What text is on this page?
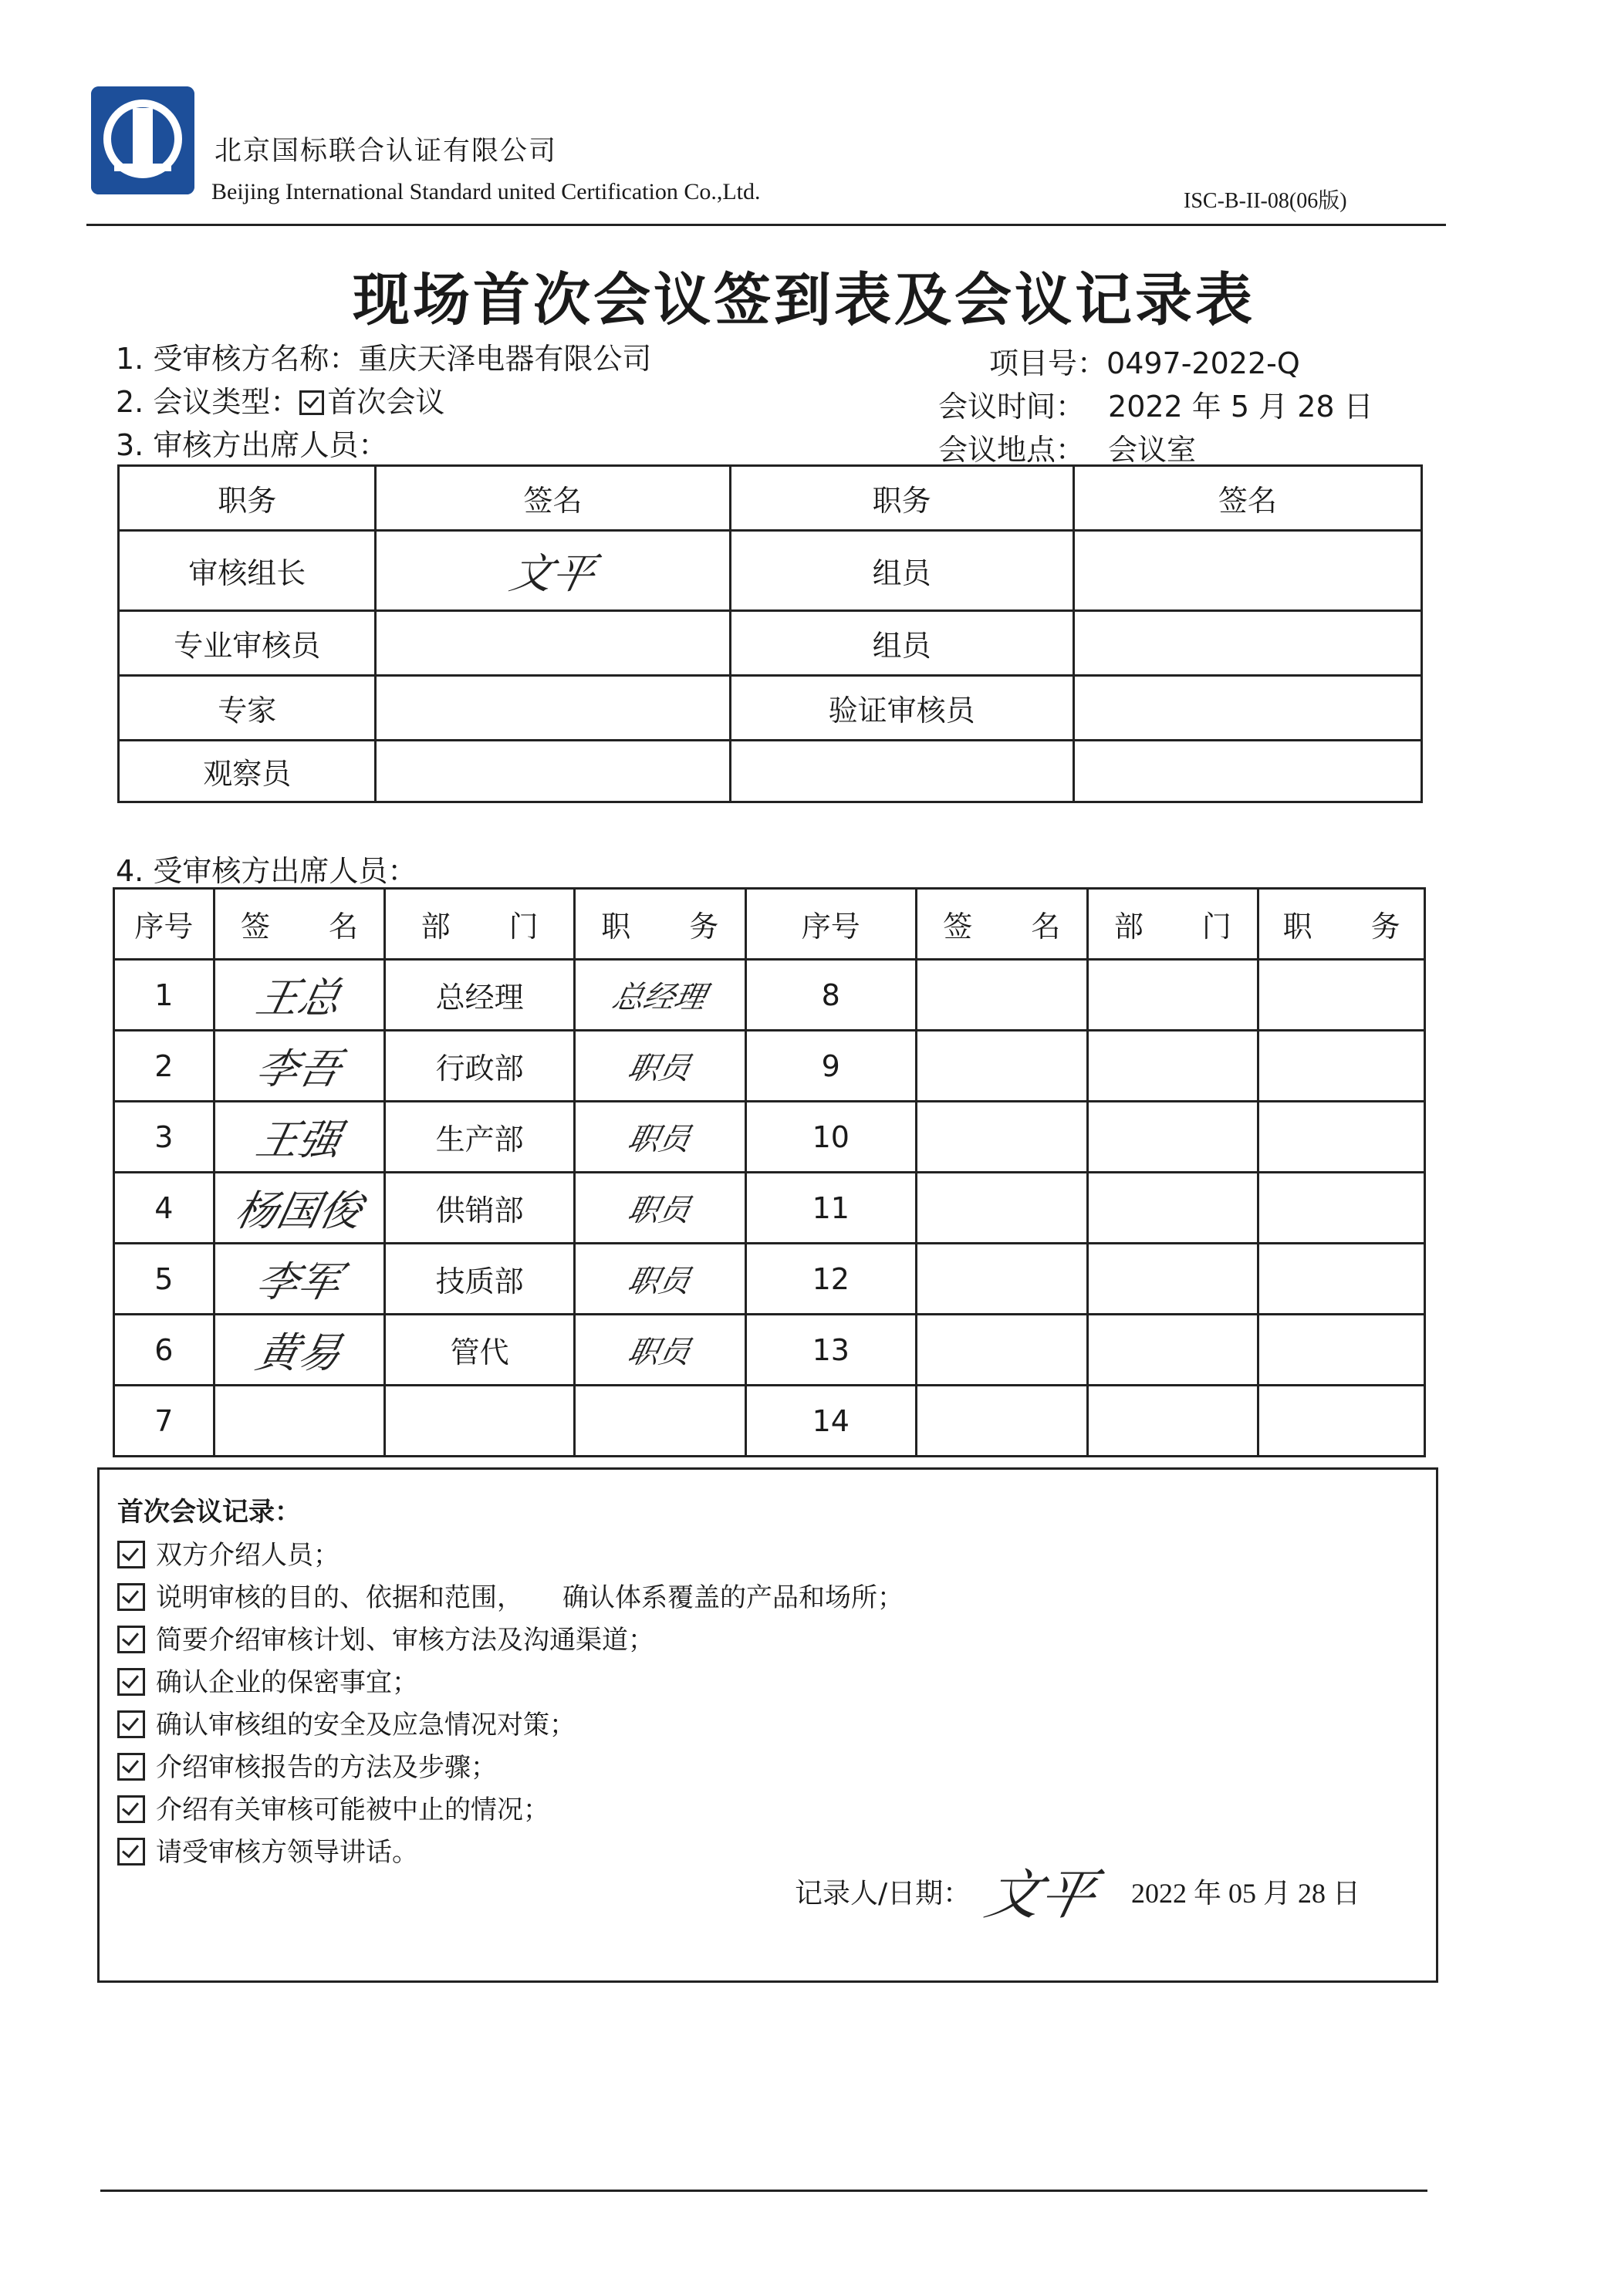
北京国标联合认证有限公司
Beijing International Standard united Certification Co.,Ltd.	ISC-B-II-08(06版)
现场首次会议签到表及会议记录表
1. 受审核方名称：重庆天泽电器有限公司	项目号：0497-2022-Q
2. 会议类型： 首次会议	会议时间： 2022 年 5 月 28 日
3. 审核方出席人员：	会议地点： 会议室
职务	签名	职务	签名
审核组长	文平	组员	
专业审核员		组员	
专家		验证审核员	
观察员			
4. 受审核方出席人员：
序号	签　　名	部　　门	职　　务	序号	签　　名	部　　门	职　　务
1	王总	总经理	总经理	8			
2	李吾	行政部	职员	9			
3	王强	生产部	职员	10			
4	杨国俊	供销部	职员	11			
5	李军	技质部	职员	12			
6	黄易	管代	职员	13			
7				14			
首次会议记录：
双方介绍人员；
说明审核的目的、依据和范围，　　确认体系覆盖的产品和场所；
简要介绍审核计划、审核方法及沟通渠道；
确认企业的保密事宜；
确认审核组的安全及应急情况对策；
介绍审核报告的方法及步骤；
介绍有关审核可能被中止的情况；
请受审核方领导讲话。
记录人/日期： 文平 2022 年 05 月 28 日
